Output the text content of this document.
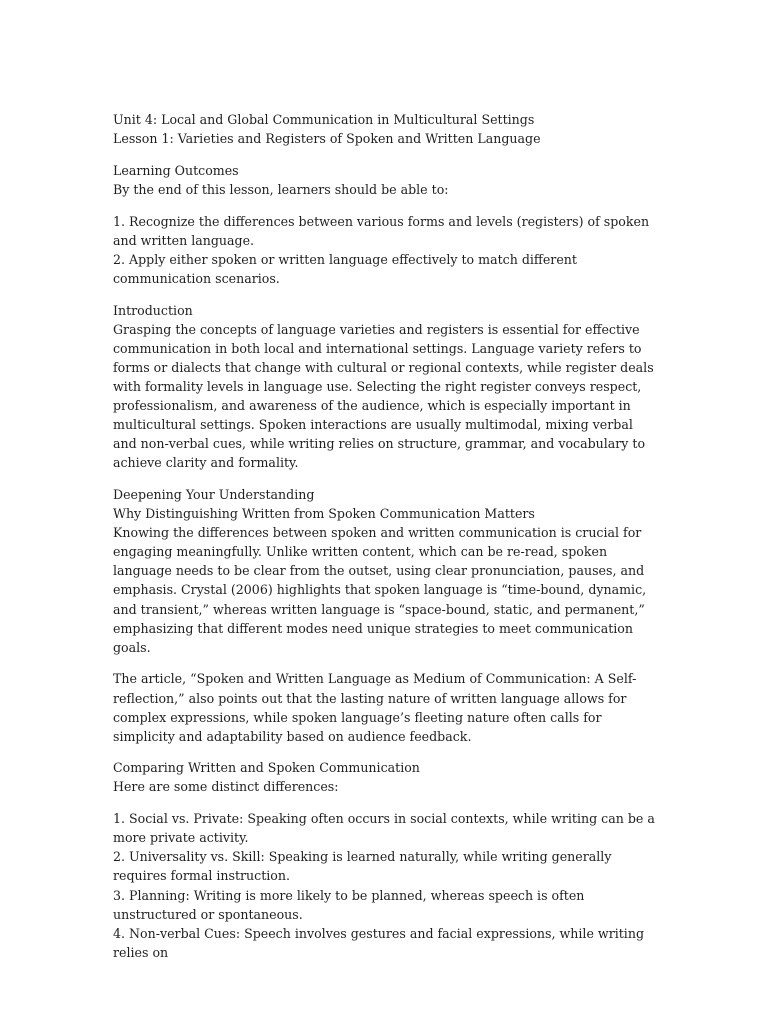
Unit 4: Local and Global Communication in Multicultural Settings
Lesson 1: Varieties and Registers of Spoken and Written Language

Learning Outcomes
By the end of this lesson, learners should be able to:

1. Recognize the differences between various forms and levels (registers) of spoken and written language.
2. Apply either spoken or written language effectively to match different communication scenarios.

Introduction
Grasping the concepts of language varieties and registers is essential for effective communication in both local and international settings. Language variety refers to forms or dialects that change with cultural or regional contexts, while register deals with formality levels in language use. Selecting the right register conveys respect, professionalism, and awareness of the audience, which is especially important in multicultural settings. Spoken interactions are usually multimodal, mixing verbal and non-verbal cues, while writing relies on structure, grammar, and vocabulary to achieve clarity and formality.

Deepening Your Understanding
Why Distinguishing Written from Spoken Communication Matters
Knowing the differences between spoken and written communication is crucial for engaging meaningfully. Unlike written content, which can be re-read, spoken language needs to be clear from the outset, using clear pronunciation, pauses, and emphasis. Crystal (2006) highlights that spoken language is “time-bound, dynamic, and transient,” whereas written language is “space-bound, static, and permanent,” emphasizing that different modes need unique strategies to meet communication goals.

The article, “Spoken and Written Language as Medium of Communication: A Self-reflection,” also points out that the lasting nature of written language allows for complex expressions, while spoken language’s fleeting nature often calls for simplicity and adaptability based on audience feedback.

Comparing Written and Spoken Communication
Here are some distinct differences:

1. Social vs. Private: Speaking often occurs in social contexts, while writing can be a more private activity.
2. Universality vs. Skill: Speaking is learned naturally, while writing generally requires formal instruction.
3. Planning: Writing is more likely to be planned, whereas speech is often unstructured or spontaneous.
4. Non-verbal Cues: Speech involves gestures and facial expressions, while writing relies on
